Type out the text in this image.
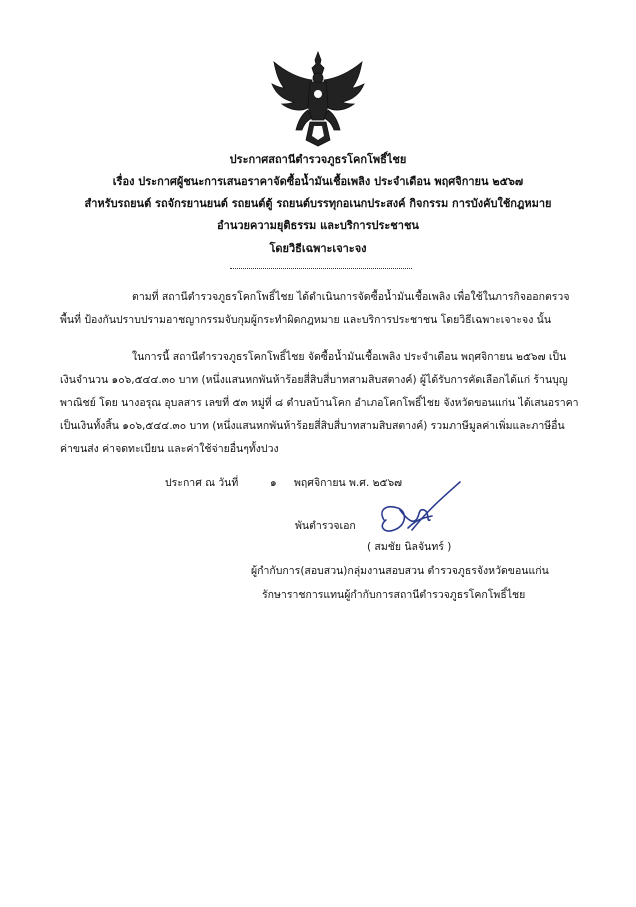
ประกาศสถานีตำรวจภูธรโคกโพธิ์ไชย
เรื่อง ประกาศผู้ชนะการเสนอราคาจัดซื้อน้ำมันเชื้อเพลิง ประจำเดือน พฤศจิกายน ๒๕๖๗
สำหรับรถยนต์ รถจักรยานยนต์ รถยนต์ตู้ รถยนต์บรรทุกอเนกประสงค์ กิจกรรม การบังคับใช้กฎหมาย
อำนวยความยุติธรรม และบริการประชาชน
โดยวิธีเฉพาะเจาะจง
ตามที่ สถานีตำรวจภูธรโคกโพธิ์ไชย ได้ดำเนินการจัดซื้อน้ำมันเชื้อเพลิง เพื่อใช้ในภารกิจออกตรวจ
พื้นที่ ป้องกันปราบปรามอาชญากรรมจับกุมผู้กระทำผิดกฎหมาย และบริการประชาชน โดยวิธีเฉพาะเจาะจง นั้น
ในการนี้ สถานีตำรวจภูธรโคกโพธิ์ไชย จัดซื้อน้ำมันเชื้อเพลิง ประจำเดือน พฤศจิกายน ๒๕๖๗ เป็น
เงินจำนวน ๑๐๖,๕๔๔.๓๐ บาท (หนึ่งแสนหกพันห้าร้อยสี่สิบสี่บาทสามสิบสตางค์) ผู้ได้รับการคัดเลือกได้แก่ ร้านบุญ
พาณิชย์ โดย นางอรุณ อุบลสาร เลขที่ ๕๓ หมู่ที่ ๘ ตำบลบ้านโคก อำเภอโคกโพธิ์ไชย จังหวัดขอนแก่น ได้เสนอราคา
เป็นเงินทั้งสิ้น ๑๐๖,๕๔๔.๓๐ บาท (หนึ่งแสนหกพันห้าร้อยสี่สิบสี่บาทสามสิบสตางค์) รวมภาษีมูลค่าเพิ่มและภาษีอื่น
ค่าขนส่ง ค่าจดทะเบียน และค่าใช้จ่ายอื่นๆทั้งปวง
ประกาศ ณ วันที่	๑ พฤศจิกายน พ.ศ. ๒๕๖๗
พันตำรวจเอก
( สมชัย นิลจันทร์ )
ผู้กำกับการ(สอบสวน)กลุ่มงานสอบสวน ตำรวจภูธรจังหวัดขอนแก่น
รักษาราชการแทนผู้กำกับการสถานีตำรวจภูธรโคกโพธิ์ไชย
